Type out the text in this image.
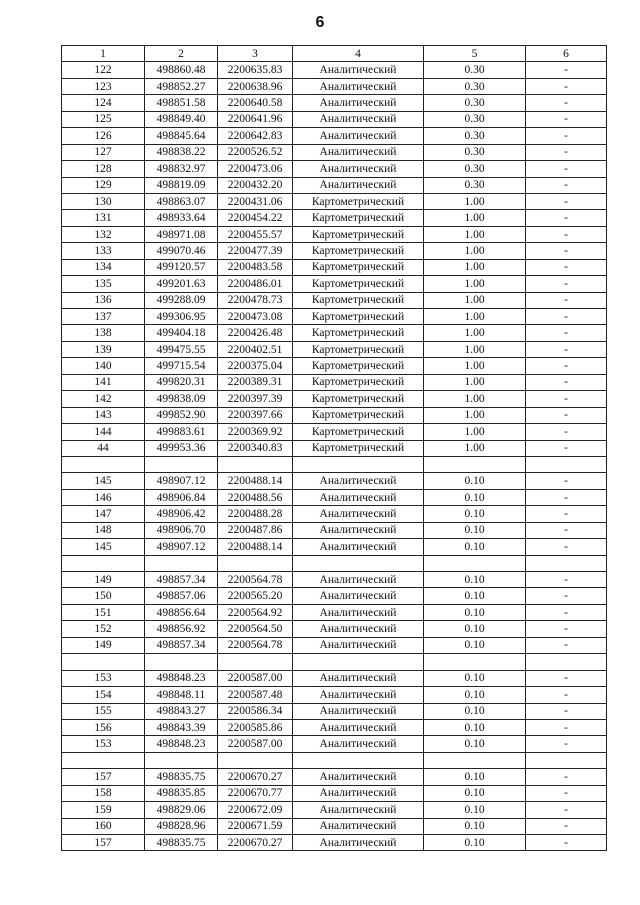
6
1	2	3	4	5	6
122	498860.48	2200635.83	Аналитический	0.30	-
123	498852.27	2200638.96	Аналитический	0.30	-
124	498851.58	2200640.58	Аналитический	0.30	-
125	498849.40	2200641.96	Аналитический	0.30	-
126	498845.64	2200642.83	Аналитический	0.30	-
127	498838.22	2200526.52	Аналитический	0.30	-
128	498832.97	2200473.06	Аналитический	0.30	-
129	498819.09	2200432.20	Аналитический	0.30	-
130	498863.07	2200431.06	Картометрический	1.00	-
131	498933.64	2200454.22	Картометрический	1.00	-
132	498971.08	2200455.57	Картометрический	1.00	-
133	499070.46	2200477.39	Картометрический	1.00	-
134	499120.57	2200483.58	Картометрический	1.00	-
135	499201.63	2200486.01	Картометрический	1.00	-
136	499288.09	2200478.73	Картометрический	1.00	-
137	499306.95	2200473.08	Картометрический	1.00	-
138	499404.18	2200426.48	Картометрический	1.00	-
139	499475.55	2200402.51	Картометрический	1.00	-
140	499715.54	2200375.04	Картометрический	1.00	-
141	499820.31	2200389.31	Картометрический	1.00	-
142	499838.09	2200397.39	Картометрический	1.00	-
143	499852.90	2200397.66	Картометрический	1.00	-
144	499883.61	2200369.92	Картометрический	1.00	-
44	499953.36	2200340.83	Картометрический	1.00	-

145	498907.12	2200488.14	Аналитический	0.10	-
146	498906.84	2200488.56	Аналитический	0.10	-
147	498906.42	2200488.28	Аналитический	0.10	-
148	498906.70	2200487.86	Аналитический	0.10	-
145	498907.12	2200488.14	Аналитический	0.10	-

149	498857.34	2200564.78	Аналитический	0.10	-
150	498857.06	2200565.20	Аналитический	0.10	-
151	498856.64	2200564.92	Аналитический	0.10	-
152	498856.92	2200564.50	Аналитический	0.10	-
149	498857.34	2200564.78	Аналитический	0.10	-

153	498848.23	2200587.00	Аналитический	0.10	-
154	498848.11	2200587.48	Аналитический	0.10	-
155	498843.27	2200586.34	Аналитический	0.10	-
156	498843.39	2200585.86	Аналитический	0.10	-
153	498848.23	2200587.00	Аналитический	0.10	-

157	498835.75	2200670.27	Аналитический	0.10	-
158	498835.85	2200670.77	Аналитический	0.10	-
159	498829.06	2200672.09	Аналитический	0.10	-
160	498828.96	2200671.59	Аналитический	0.10	-
157	498835.75	2200670.27	Аналитический	0.10	-
